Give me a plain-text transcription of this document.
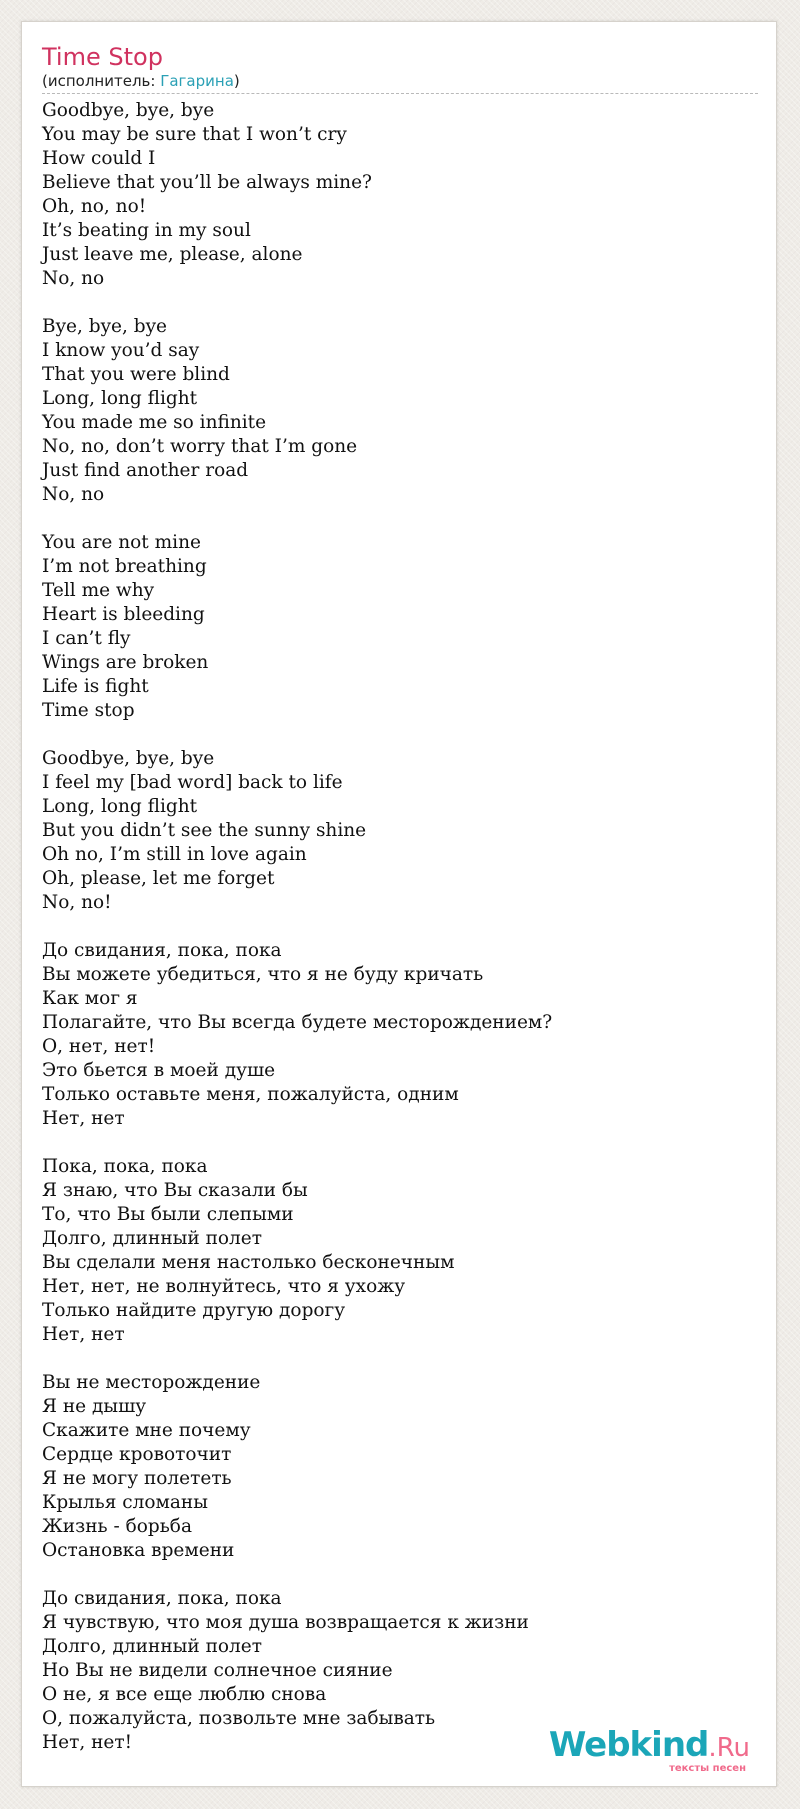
Time Stop
(исполнитель: Гагарина)
Goodbye, bye, bye
You may be sure that I won’t cry
How could I
Believe that you’ll be always mine?
Oh, no, no!
It’s beating in my soul
Just leave me, please, alone
No, no
Bye, bye, bye
I know you’d say
That you were blind
Long, long flight
You made me so infinite
No, no, don’t worry that I’m gone
Just find another road
No, no
You are not mine
I’m not breathing
Tell me why
Heart is bleeding
I can’t fly
Wings are broken
Life is fight
Time stop
Goodbye, bye, bye
I feel my [bad word] back to life
Long, long flight
But you didn’t see the sunny shine
Oh no, I’m still in love again
Oh, please, let me forget
No, no!
До свидания, пока, пока
Вы можете убедиться, что я не буду кричать
Как мог я
Полагайте, что Вы всегда будете месторождением?
О, нет, нет!
Это бьется в моей душе
Только оставьте меня, пожалуйста, одним
Нет, нет
Пока, пока, пока
Я знаю, что Вы сказали бы
То, что Вы были слепыми
Долго, длинный полет
Вы сделали меня настолько бесконечным
Нет, нет, не волнуйтесь, что я ухожу
Только найдите другую дорогу
Нет, нет
Вы не месторождение
Я не дышу
Скажите мне почему
Сердце кровоточит
Я не могу полететь
Крылья сломаны
Жизнь - борьба
Остановка времени
До свидания, пока, пока
Я чувствую, что моя душа возвращается к жизни
Долго, длинный полет
Но Вы не видели солнечное сияние
О не, я все еще люблю снова
О, пожалуйста, позвольте мне забывать
Нет, нет!	Webkind.Ru
тексты песен
